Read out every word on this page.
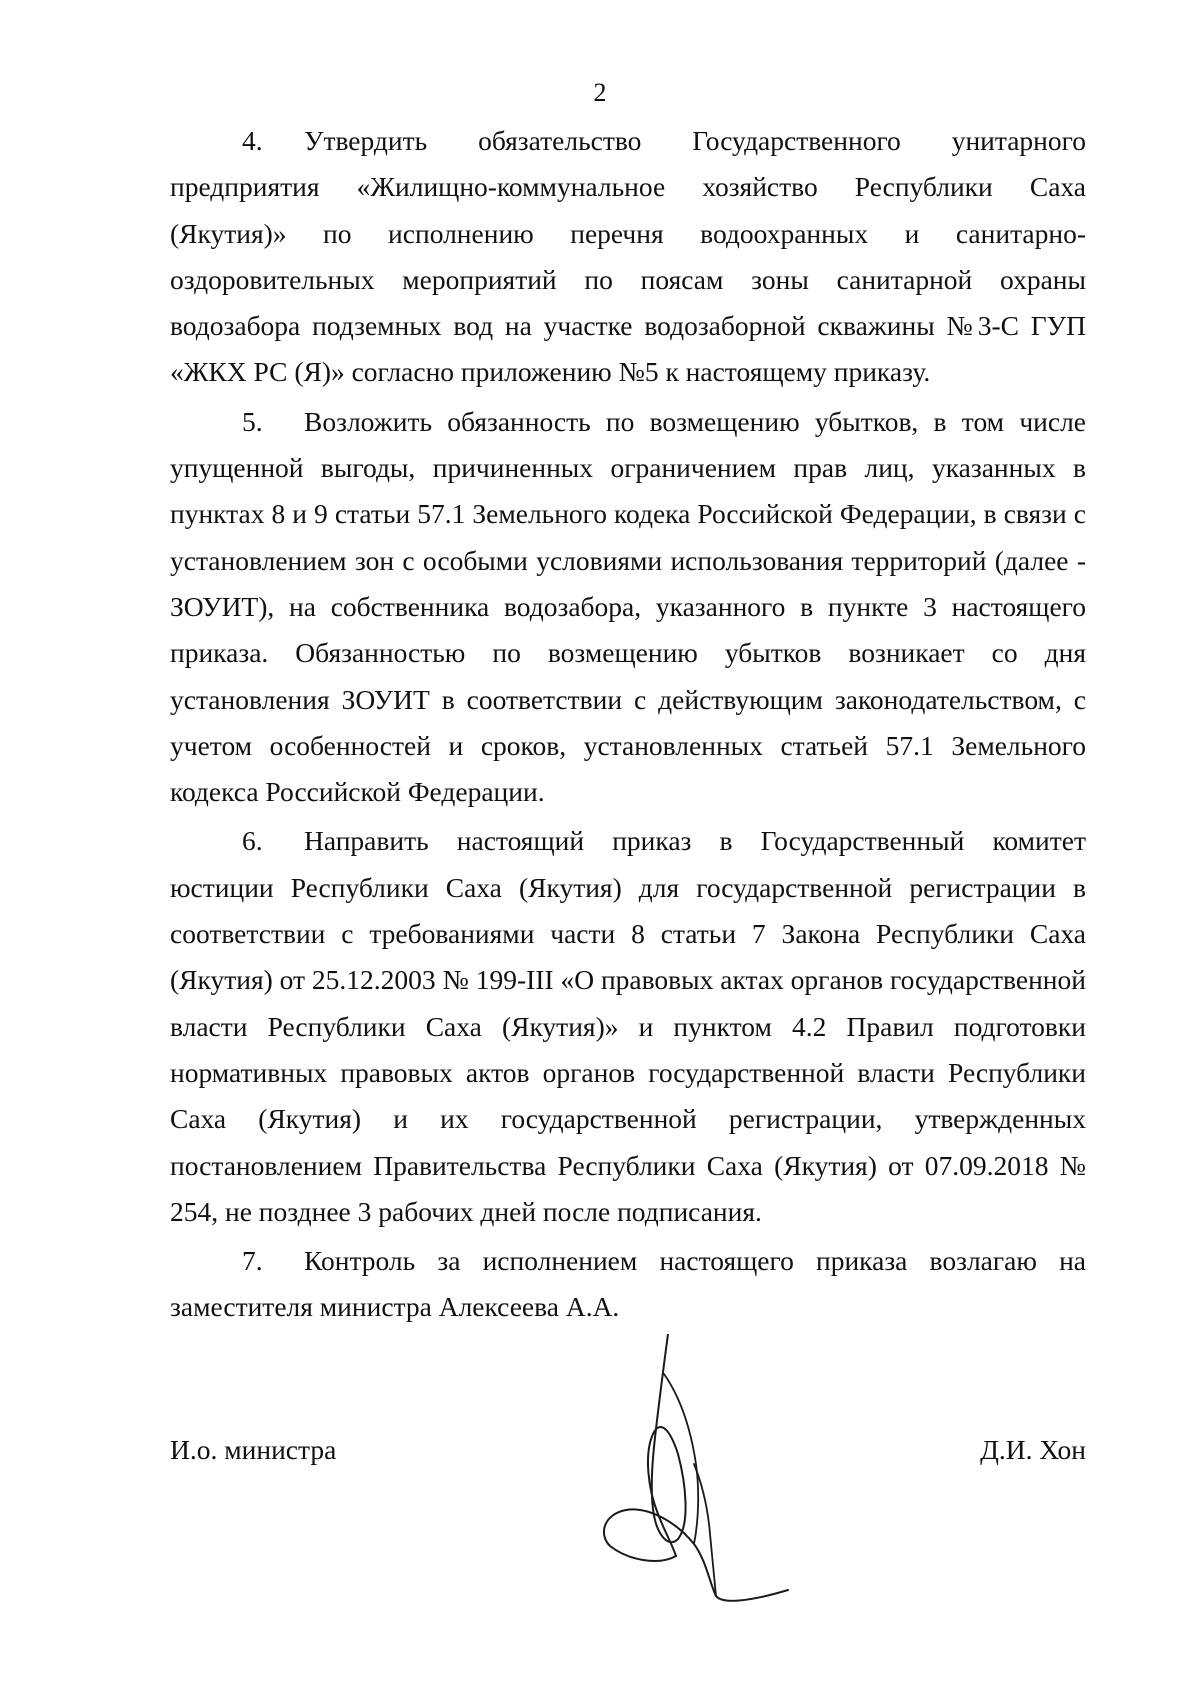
2

4. Утвердить обязательство Государственного унитарного предприятия «Жилищно-коммунальное хозяйство Республики Саха (Якутия)» по исполнению перечня водоохранных и санитарно-оздоровительных мероприятий по поясам зоны санитарной охраны водозабора подземных вод на участке водозаборной скважины №3-С ГУП «ЖКХ РС (Я)» согласно приложению №5 к настоящему приказу.

5. Возложить обязанность по возмещению убытков, в том числе упущенной выгоды, причиненных ограничением прав лиц, указанных в пунктах 8 и 9 статьи 57.1 Земельного кодека Российской Федерации, в связи с установлением зон с особыми условиями использования территорий (далее - ЗОУИТ), на собственника водозабора, указанного в пункте 3 настоящего приказа. Обязанностью по возмещению убытков возникает со дня установления ЗОУИТ в соответствии с действующим законодательством, с учетом особенностей и сроков, установленных статьей 57.1 Земельного кодекса Российской Федерации.

6. Направить настоящий приказ в Государственный комитет юстиции Республики Саха (Якутия) для государственной регистрации в соответствии с требованиями части 8 статьи 7 Закона Республики Саха (Якутия) от 25.12.2003 № 199-III «О правовых актах органов государственной власти Республики Саха (Якутия)» и пунктом 4.2 Правил подготовки нормативных правовых актов органов государственной власти Республики Саха (Якутия) и их государственной регистрации, утвержденных постановлением Правительства Республики Саха (Якутия) от 07.09.2018 № 254, не позднее 3 рабочих дней после подписания.

7. Контроль за исполнением настоящего приказа возлагаю на заместителя министра Алексеева А.А.

И.о. министра	Д.И. Хон
